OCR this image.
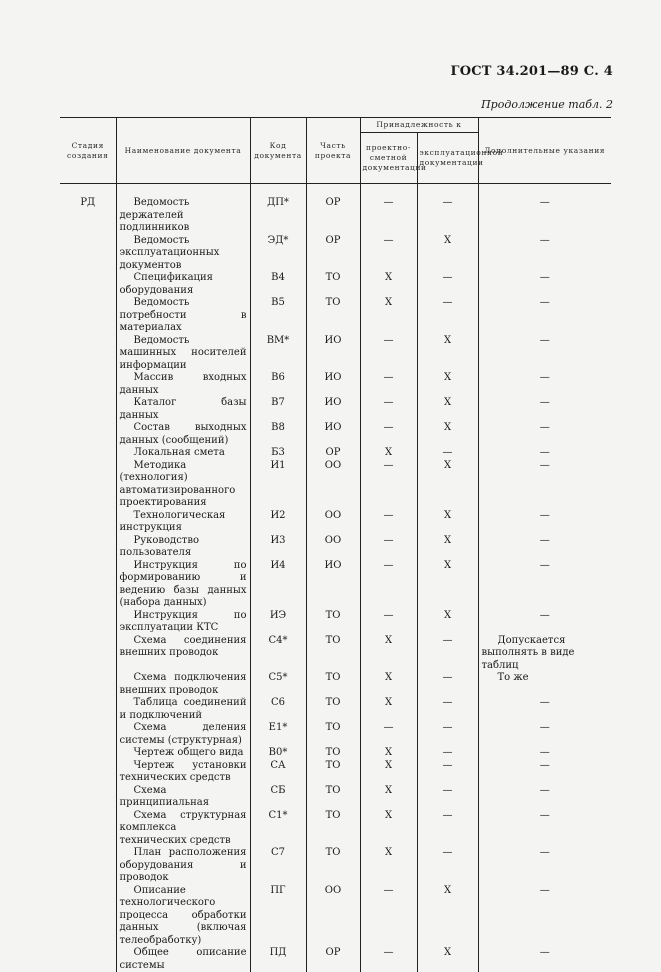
ГОСТ 34.201—89 С. 4
Продолжение табл. 2
Стадия создания	Наименование документа	Код документа	Часть проекта	Принадлежность к		Дополнительные указания
				проектно-сметной документации	эксплуатационной документации	

РД	Ведомость держателей подлинников	ДП*	ОР	—	—	—

	Ведомость эксплуатационных документов	ЭД*	ОР	—	Х	—

	Спецификация оборудования	В4	ТО	Х	—	—

	Ведомость потребности в материалах	В5	ТО	Х	—	—

	Ведомость машинных носителей информации	ВМ*	ИО	—	Х	—

	Массив входных данных	В6	ИО	—	Х	—

	Каталог базы данных	В7	ИО	—	Х	—

	Состав выходных данных (сообщений)	В8	ИО	—	Х	—

	Локальная смета	Б3	ОР	Х	—	—

	Методика (технология) автоматизированного проектирования	И1	ОО	—	Х	—

	Технологическая инструкция	И2	ОО	—	Х	—

	Руководство пользователя	И3	ОО	—	Х	—

	Инструкция по формированию и ведению базы данных (набора данных)	И4	ИО	—	Х	—

	Инструкция по эксплуатации КТС	ИЭ	ТО	—	Х	—

	Схема соединения внешних проводок	С4*	ТО	Х	—	Допускается выполнять в виде таблиц

	Схема подключения внешних проводок	С5*	ТО	Х	—	То же

	Таблица соединений и подключений	С6	ТО	Х	—	—

	Схема деления системы (структурная)	Е1*	ТО	—	—	—

	Чертеж общего вида	В0*	ТО	Х	—	—

	Чертеж установки технических средств	СА	ТО	Х	—	—

	Схема принципиальная	СБ	ТО	Х	—	—

	Схема структурная комплекса технических средств	С1*	ТО	Х	—	—

	План расположения оборудования и проводок	С7	ТО	Х	—	—

	Описание технологического процесса обработки данных (включая телеобработку)	ПГ	ОО	—	Х	—

	Общее описание системы	ПД	ОР	—	Х	—
